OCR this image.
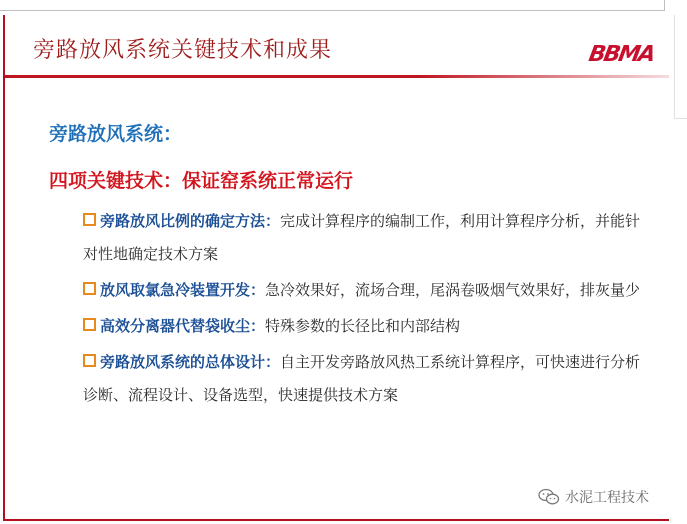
旁路放风系统关键技术和成果	BBMA
旁路放风系统：
四项关键技术：保证窑系统正常运行
旁路放风比例的确定方法：完成计算程序的编制工作，利用计算程序分析，并能针对性地确定技术方案
放风取氯急冷装置开发：急冷效果好，流场合理，尾涡卷吸烟气效果好，排灰量少
高效分离器代替袋收尘：特殊参数的长径比和内部结构
旁路放风系统的总体设计：自主开发旁路放风热工系统计算程序，可快速进行分析诊断、流程设计、设备选型，快速提供技术方案
水泥工程技术
